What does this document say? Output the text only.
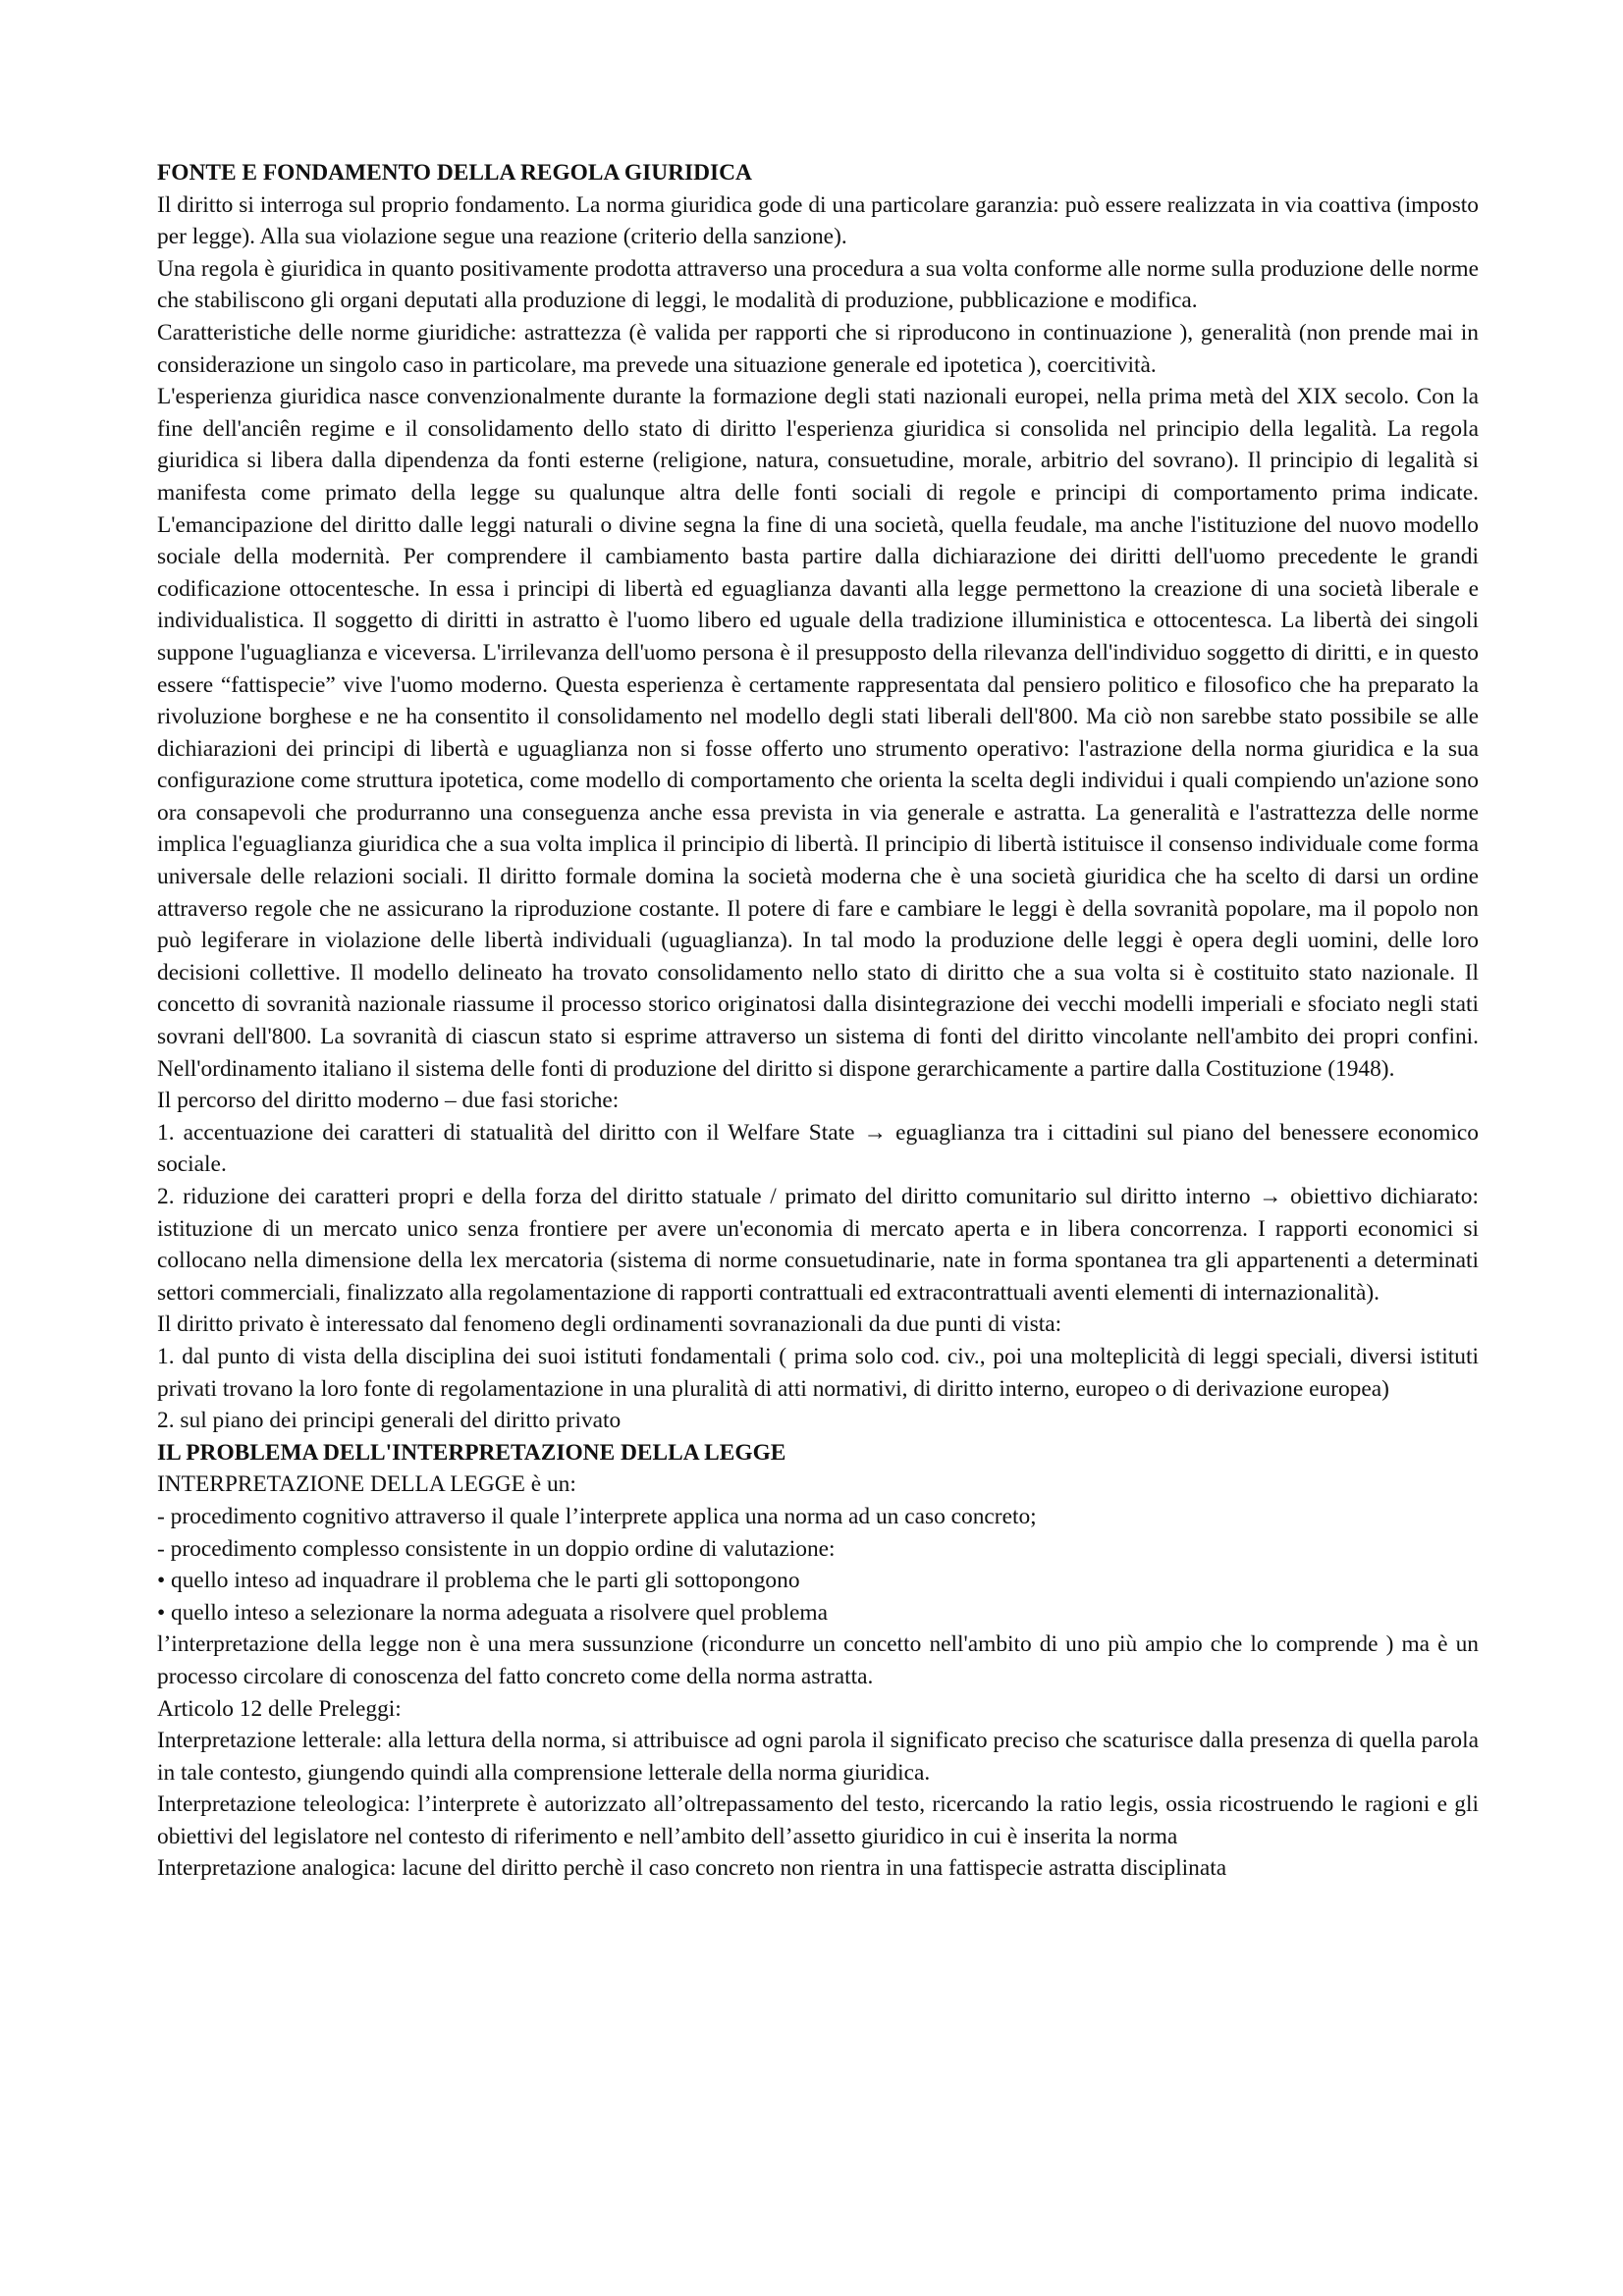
FONTE E FONDAMENTO DELLA REGOLA GIURIDICA

Il diritto si interroga sul proprio fondamento. La norma giuridica gode di una particolare garanzia: può essere realizzata in via coattiva (imposto per legge). Alla sua violazione segue una reazione (criterio della sanzione).

Una regola è giuridica in quanto positivamente prodotta attraverso una procedura a sua volta conforme alle norme sulla produzione delle norme che stabiliscono gli organi deputati alla produzione di leggi, le modalità di produzione, pubblicazione e modifica.

Caratteristiche delle norme giuridiche: astrattezza (è valida per rapporti che si riproducono in continuazione ), generalità (non prende mai in considerazione un singolo caso in particolare, ma prevede una situazione generale ed ipotetica ), coercitività.

L'esperienza giuridica nasce convenzionalmente durante la formazione degli stati nazionali europei, nella prima metà del XIX secolo. Con la fine dell'anciên regime e il consolidamento dello stato di diritto l'esperienza giuridica si consolida nel principio della legalità. La regola giuridica si libera dalla dipendenza da fonti esterne (religione, natura, consuetudine, morale, arbitrio del sovrano). Il principio di legalità si manifesta come primato della legge su qualunque altra delle fonti sociali di regole e principi di comportamento prima indicate. L'emancipazione del diritto dalle leggi naturali o divine segna la fine di una società, quella feudale, ma anche l'istituzione del nuovo modello sociale della modernità. Per comprendere il cambiamento basta partire dalla dichiarazione dei diritti dell'uomo precedente le grandi codificazione ottocentesche. In essa i principi di libertà ed eguaglianza davanti alla legge permettono la creazione di una società liberale e individualistica. Il soggetto di diritti in astratto è l'uomo libero ed uguale della tradizione illuministica e ottocentesca. La libertà dei singoli suppone l'uguaglianza e viceversa. L'irrilevanza dell'uomo persona è il presupposto della rilevanza dell'individuo soggetto di diritti, e in questo essere “fattispecie” vive l'uomo moderno. Questa esperienza è certamente rappresentata dal pensiero politico e filosofico che ha preparato la rivoluzione borghese e ne ha consentito il consolidamento nel modello degli stati liberali dell'800. Ma ciò non sarebbe stato possibile se alle dichiarazioni dei principi di libertà e uguaglianza non si fosse offerto uno strumento operativo: l'astrazione della norma giuridica e la sua configurazione come struttura ipotetica, come modello di comportamento che orienta la scelta degli individui i quali compiendo un'azione sono ora consapevoli che produrranno una conseguenza anche essa prevista in via generale e astratta. La generalità e l'astrattezza delle norme implica l'eguaglianza giuridica che a sua volta implica il principio di libertà. Il principio di libertà istituisce il consenso individuale come forma universale delle relazioni sociali. Il diritto formale domina la società moderna che è una società giuridica che ha scelto di darsi un ordine attraverso regole che ne assicurano la riproduzione costante. Il potere di fare e cambiare le leggi è della sovranità popolare, ma il popolo non può legiferare in violazione delle libertà individuali (uguaglianza). In tal modo la produzione delle leggi è opera degli uomini, delle loro decisioni collettive. Il modello delineato ha trovato consolidamento nello stato di diritto che a sua volta si è costituito stato nazionale. Il concetto di sovranità nazionale riassume il processo storico originatosi dalla disintegrazione dei vecchi modelli imperiali e sfociato negli stati sovrani dell'800. La sovranità di ciascun stato si esprime attraverso un sistema di fonti del diritto vincolante nell'ambito dei propri confini. Nell'ordinamento italiano il sistema delle fonti di produzione del diritto si dispone gerarchicamente a partire dalla Costituzione (1948).

Il percorso del diritto moderno – due fasi storiche:

1. accentuazione dei caratteri di statualità del diritto con il Welfare State → eguaglianza tra i cittadini sul piano del benessere economico sociale.

2. riduzione dei caratteri propri e della forza del diritto statuale / primato del diritto comunitario sul diritto interno → obiettivo dichiarato: istituzione di un mercato unico senza frontiere per avere un'economia di mercato aperta e in libera concorrenza. I rapporti economici si collocano nella dimensione della lex mercatoria (sistema di norme consuetudinarie, nate in forma spontanea tra gli appartenenti a determinati settori commerciali, finalizzato alla regolamentazione di rapporti contrattuali ed extracontrattuali aventi elementi di internazionalità).

Il diritto privato è interessato dal fenomeno degli ordinamenti sovranazionali da due punti di vista:

1. dal punto di vista della disciplina dei suoi istituti fondamentali ( prima solo cod. civ., poi una molteplicità di leggi speciali, diversi istituti privati trovano la loro fonte di regolamentazione in una pluralità di atti normativi, di diritto interno, europeo o di derivazione europea)

2. sul piano dei principi generali del diritto privato

IL PROBLEMA DELL'INTERPRETAZIONE DELLA LEGGE

INTERPRETAZIONE DELLA LEGGE è un:

- procedimento cognitivo attraverso il quale l’interprete applica una norma ad un caso concreto;

- procedimento complesso consistente in un doppio ordine di valutazione:

• quello inteso ad inquadrare il problema che le parti gli sottopongono

• quello inteso a selezionare la norma adeguata a risolvere quel problema

l’interpretazione della legge non è una mera sussunzione (ricondurre un concetto nell'ambito di uno più ampio che lo comprende ) ma è un processo circolare di conoscenza del fatto concreto come della norma astratta.

Articolo 12 delle Preleggi:

Interpretazione letterale: alla lettura della norma, si attribuisce ad ogni parola il significato preciso che scaturisce dalla presenza di quella parola in tale contesto, giungendo quindi alla comprensione letterale della norma giuridica.

Interpretazione teleologica: l’interprete è autorizzato all’oltrepassamento del testo, ricercando la ratio legis, ossia ricostruendo le ragioni e gli obiettivi del legislatore nel contesto di riferimento e nell’ambito dell’assetto giuridico in cui è inserita la norma

Interpretazione analogica: lacune del diritto perchè il caso concreto non rientra in una fattispecie astratta disciplinata
